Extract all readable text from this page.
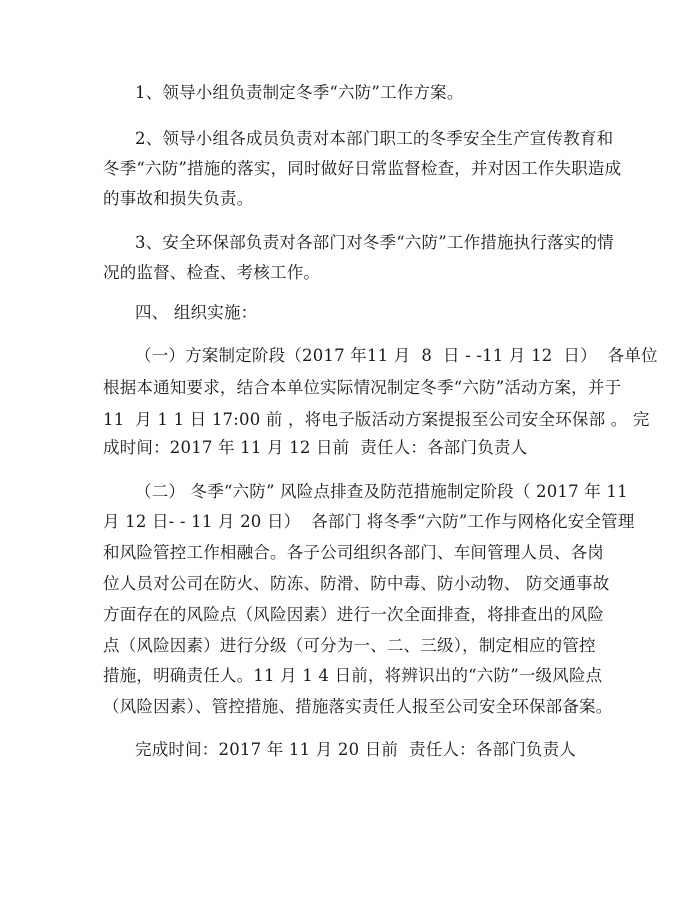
1、领导小组负责制定冬季“六防”工作方案。
2、领导小组各成员负责对本部门职工的冬季安全生产宣传教育和
冬季“六防”措施的落实，同时做好日常监督检查，并对因工作失职造成
的事故和损失负责。
3、安全环保部负责对各部门对冬季“六防”工作措施执行落实的情
况的监督、检查、考核工作。
四、 组织实施：
（一）方案制定阶段（2017 年11 月  8  日 - -11 月 12  日）  各单位
根据本通知要求，结合本单位实际情况制定冬季“六防”活动方案，并于
11  月 1 1 日 17:00 前 ，将电子版活动方案提报至公司安全环保部 。 完
成时间：2017 年 11 月 12 日前  责任人：各部门负责人
（二） 冬季“六防” 风险点排查及防范措施制定阶段（ 2017 年 11
月 12 日- - 11 月 20 日）  各部门 将冬季“六防”工作与网格化安全管理
和风险管控工作相融合。各子公司组织各部门、车间管理人员、各岗
位人员对公司在防火、防冻、防滑、防中毒、防小动物、 防交通事故
方面存在的风险点（风险因素）进行一次全面排查，将排查出的风险
点（风险因素）进行分级（可分为一、二、三级），制定相应的管控
措施，明确责任人。11 月 1 4 日前，将辨识出的“六防”一级风险点
（风险因素）、管控措施、措施落实责任人报至公司安全环保部备案。
完成时间：2017 年 11 月 20 日前  责任人：各部门负责人
